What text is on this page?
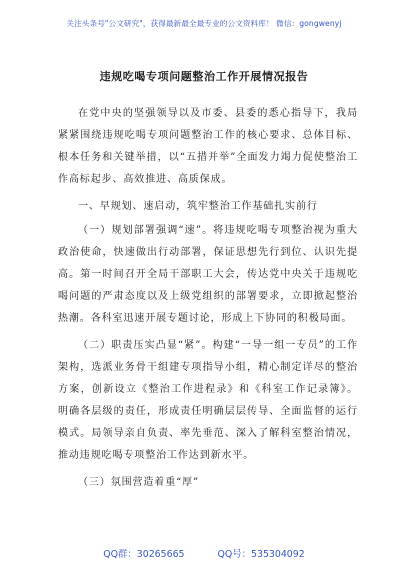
关注头条号"公文研究"，获得最新最全最专业的公文资料库！ 微信：gongwenyj
违规吃喝专项问题整治工作开展情况报告

在党中央的坚强领导以及市委、县委的悉心指导下，我局紧紧围绕违规吃喝专项问题整治工作的核心要求、总体目标、根本任务和关键举措，以“五措并举”全面发力竭力促使整治工作高标起步、高效推进、高质保成。

一、早规划、速启动，筑牢整治工作基础扎实前行

（一）规划部署强调“速”。将违规吃喝专项整治视为重大政治使命，快速做出行动部署，保证思想先行到位、认识先提高。第一时间召开全局干部职工大会，传达党中央关于违规吃喝问题的严肃态度以及上级党组织的部署要求，立即掀起整治热潮。各科室迅速开展专题讨论，形成上下协同的积极局面。

（二）职责压实凸显“紧”。构建“一导一组一专员”的工作架构，选派业务骨干组建专项指导小组，精心制定详尽的整治方案，创新设立《整治工作进程录》和《科室工作记录簿》。明确各层级的责任，形成责任明确层层传导、全面监督的运行模式。局领导亲自负责、率先垂范、深入了解科室整治情况，推动违规吃喝专项整治工作达到新水平。

（三）氛围营造着重“厚”

QQ群：30265665	QQ号：535304092
